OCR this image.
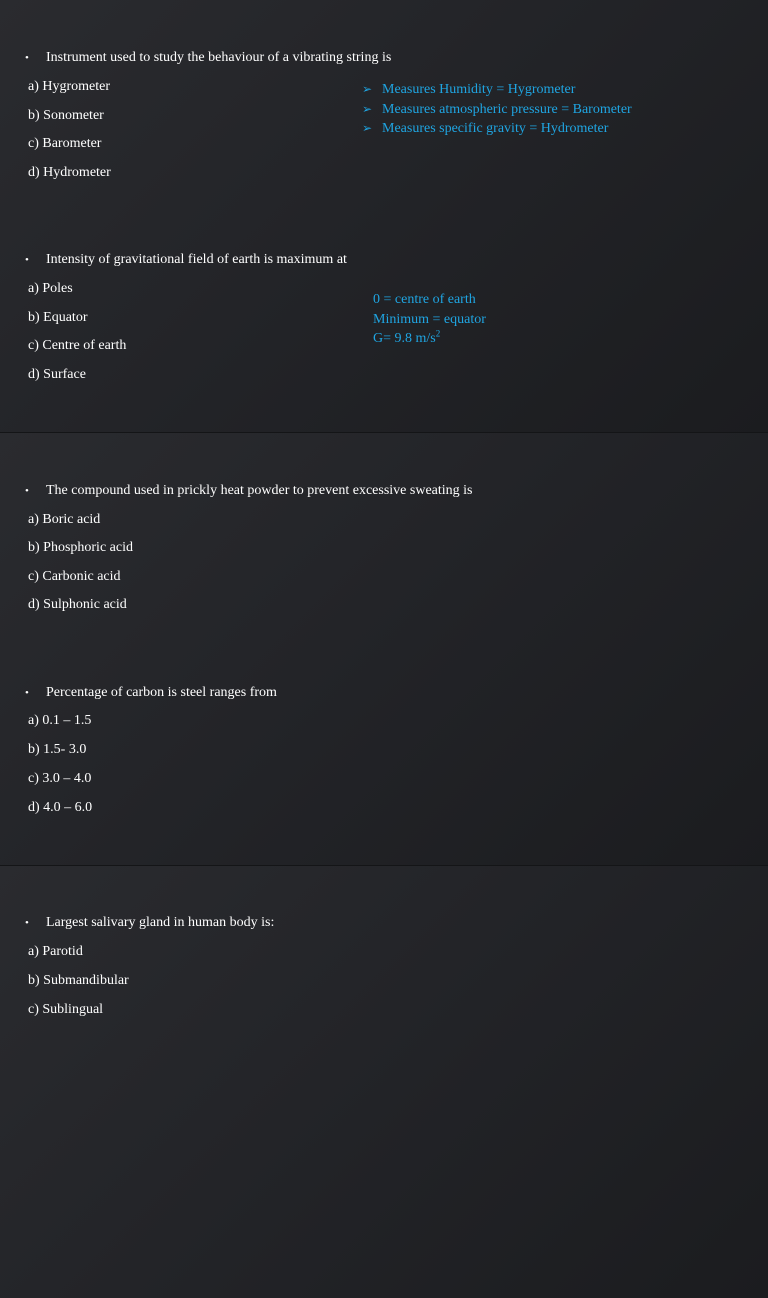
• Instrument used to study the behaviour of a vibrating string is
a) Hygrometer
b) Sonometer
c) Barometer
d) Hydrometer
➢ Measures Humidity = Hygrometer
➢ Measures atmospheric pressure = Barometer
➢ Measures specific gravity = Hydrometer
• Intensity of gravitational field of earth is maximum at
a) Poles
b) Equator
c) Centre of earth
d) Surface
0 = centre of earth
Minimum = equator
G= 9.8 $m/s^2$
• The compound used in prickly heat powder to prevent excessive sweating is
a) Boric acid
b) Phosphoric acid
c) Carbonic acid
d) Sulphonic acid
• Percentage of carbon is steel ranges from
a) 0.1 – 1.5
b) 1.5- 3.0
c) 3.0 – 4.0
d) 4.0 – 6.0
• Largest salivary gland in human body is:
a) Parotid
b) Submandibular
c) Sublingual
